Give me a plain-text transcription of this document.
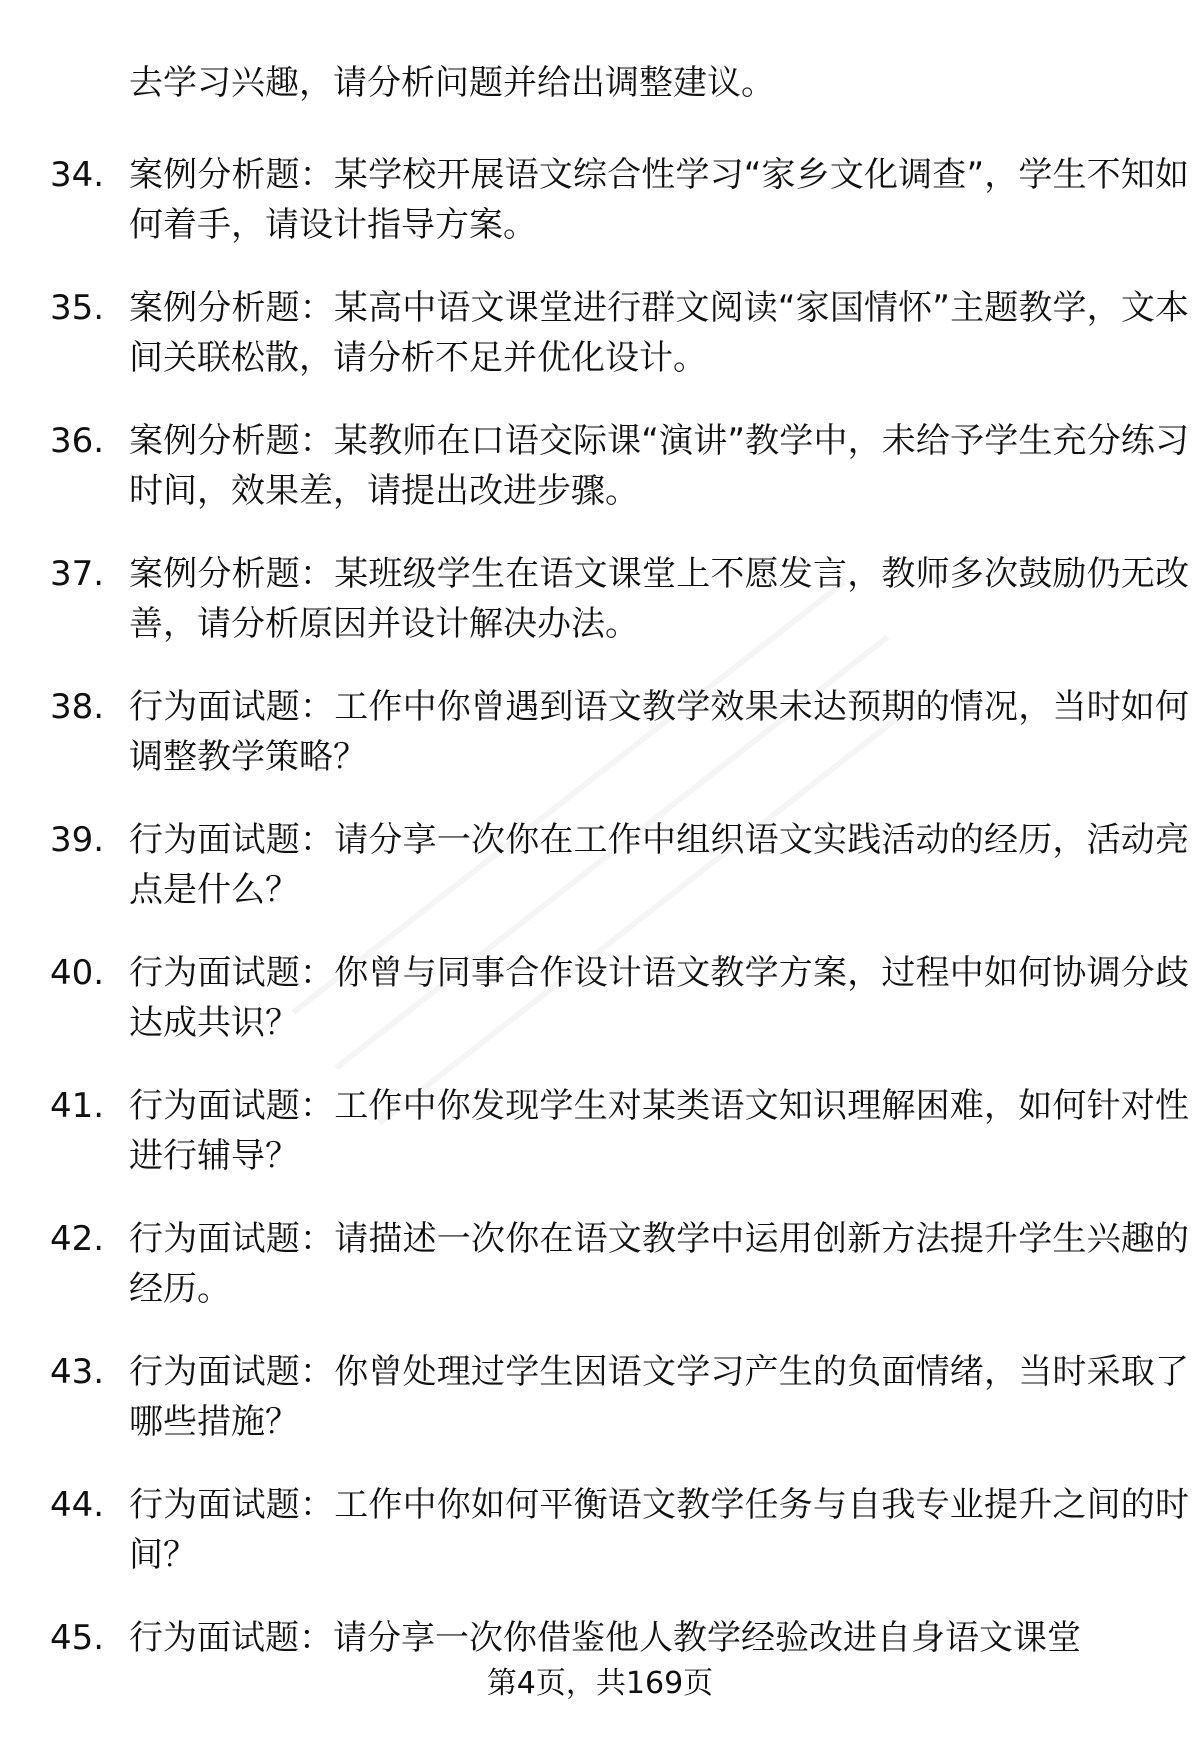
去学习兴趣，请分析问题并给出调整建议。
34. 案例分析题：某学校开展语文综合性学习“家乡文化调查”，学生不知如何着手，请设计指导方案。
35. 案例分析题：某高中语文课堂进行群文阅读“家国情怀”主题教学，文本间关联松散，请分析不足并优化设计。
36. 案例分析题：某教师在口语交际课“演讲”教学中，未给予学生充分练习时间，效果差，请提出改进步骤。
37. 案例分析题：某班级学生在语文课堂上不愿发言，教师多次鼓励仍无改善，请分析原因并设计解决办法。
38. 行为面试题：工作中你曾遇到语文教学效果未达预期的情况，当时如何调整教学策略？
39. 行为面试题：请分享一次你在工作中组织语文实践活动的经历，活动亮点是什么？
40. 行为面试题：你曾与同事合作设计语文教学方案，过程中如何协调分歧达成共识？
41. 行为面试题：工作中你发现学生对某类语文知识理解困难，如何针对性进行辅导？
42. 行为面试题：请描述一次你在语文教学中运用创新方法提升学生兴趣的经历。
43. 行为面试题：你曾处理过学生因语文学习产生的负面情绪，当时采取了哪些措施？
44. 行为面试题：工作中你如何平衡语文教学任务与自我专业提升之间的时间？
45. 行为面试题：请分享一次你借鉴他人教学经验改进自身语文课堂
第4页，共169页
